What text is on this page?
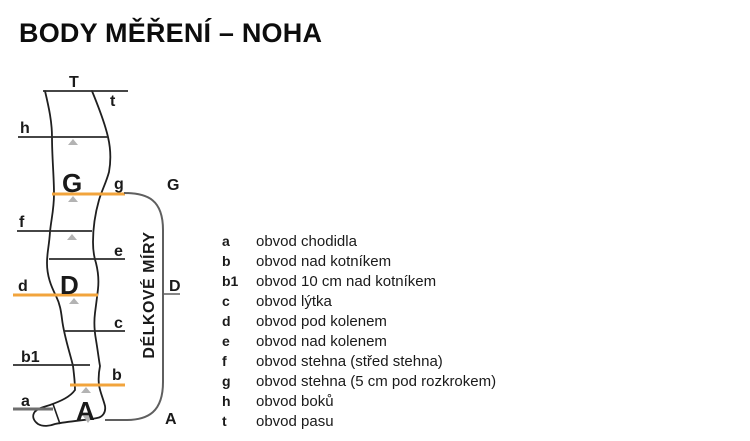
BODY MĚŘENÍ – NOHA
T
t
h
G
f
e
D
c
b1
a A
g
d
b
G
D
A
DÉLKOVÉ MÍRY	a	obvod chodidla
b	obvod nad kotníkem
b1	obvod 10 cm nad kotníkem
c	obvod lýtka
d	obvod pod kolenem
e	obvod nad kolenem
f	obvod stehna (střed stehna)
g	obvod stehna (5 cm pod rozkrokem)
h	obvod boků
t	obvod pasu
